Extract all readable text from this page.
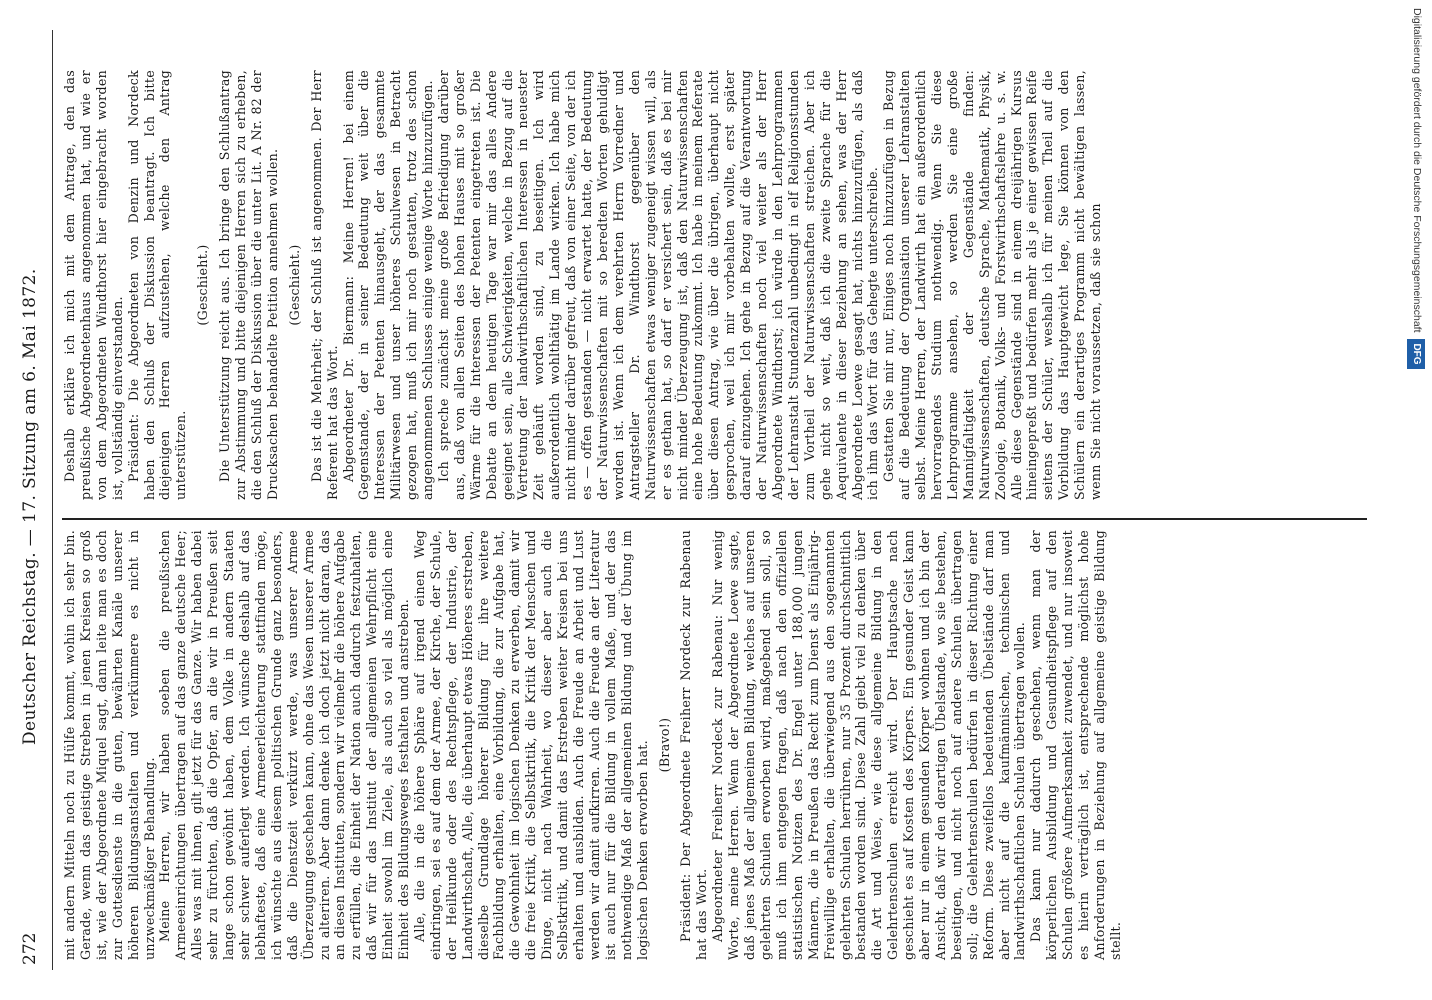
272
Deutscher Reichstag. — 17. Sitzung am 6. Mai 1872. mit andern Mitteln noch zu Hülfe kommt, wohin ich sehr bin. Gerade, wenn das geistige Streben in jenen Kreisen so groß ist, wie der Abgeordnete Miquel sagt, dann leite man es doch zur Gottesdienste in die guten, bewährten Kanäle unserer höheren Bildungsanstalten und verkümmere es nicht in unzweckmäßiger Behandlung. Meine Herren, wir haben soeben die preußischen Armeeeinrichtungen übertragen auf das ganze deutsche Heer; Alles was mit ihnen, gilt jetzt für das Ganze. Wir haben dabei sehr zu fürchten, daß die Opfer, an die wir in Preußen seit lange schon gewöhnt haben, dem Volke in andern Staaten sehr schwer auferlegt werden. Ich wünsche deshalb auf das lebhafteste, daß eine Armeeerleichterung stattfinden möge, ich wünschte aus diesem politischen Grunde ganz besonders, daß die Dienstzeit verkürzt werde, was unserer Armee Überzeugung geschehen kann, ohne das Wesen unserer Armee zu alteriren. Aber dann denke ich doch jetzt nicht daran, das an diesen Instituten, sondern wir vielmehr die höhere Aufgabe zu erfüllen, die Einheit der Nation auch dadurch festzuhalten, daß wir für das Institut der allgemeinen Wehrpflicht eine Einheit sowohl im Ziele, als auch so viel als möglich eine Einheit des Bildungsweges festhalten und anstreben. Alle, die in die höhere Sphäre auf irgend einen Weg eindringen, sei es auf dem der Armee, der Kirche, der Schule, der Heilkunde oder des Rechtspflege, der Industrie, der Landwirthschaft, Alle, die überhaupt etwas Höheres erstreben, dieselbe Grundlage höherer Bildung für ihre weitere Fachbildung erhalten, eine Vorbildung, die zur Aufgabe hat, die Gewohnheit im logischen Denken zu erwerben, damit wir die freie Kritik, die Selbstkritik, die Kritik der Menschen und Dinge, nicht nach Wahrheit, wo dieser aber auch die Selbstkritik, und damit das Erstreben weiter Kreisen bei uns erhalten und ausbilden. Auch die Freude an Arbeit und Lust werden wir damit aufkirren. Auch die Freude an der Literatur ist auch nur für die Bildung in vollem Maße, und der das nothwendige Maß der allgemeinen Bildung und der Übung im logischen Denken erworben hat. (Bravo!) Präsident: Der Abgeordnete Freiherr Nordeck zur Rabenau hat das Wort. Abgeordneter Freiherr Nordeck zur Rabenau: Nur wenig Worte, meine Herren. Wenn der Abgeordnete Loewe sagte, daß jenes Maß der allgemeinen Bildung, welches auf unseren gelehrten Schulen erworben wird, maßgebend sein soll, so muß ich ihm entgegen fragen, daß nach den offiziellen statistischen Notizen des Dr. Engel unter 188,000 jungen Männern, die in Preußen das Recht zum Dienst als Einjährig-Freiwillige erhalten, die überwiegend aus den sogenannten gelehrten Schulen herrühren, nur 35 Prozent durchschnittlich bestanden worden sind. Diese Zahl giebt viel zu denken über die Art und Weise, wie diese allgemeine Bildung in den Gelehrtenschulen erreicht wird. Der Hauptsache nach geschieht es auf Kosten des Körpers. Ein gesunder Geist kann aber nur in einem gesunden Körper wohnen und ich bin der Ansicht, daß wir den derartigen Übelstande, wo sie bestehen, beseitigen, und nicht noch auf andere Schulen übertragen soll; die Gelehrtenschulen bedürfen in dieser Richtung einer Reform. Diese zweifellos bedeutenden Übelstände darf man aber nicht auf die kaufmännischen, technischen und landwirthschaftlichen Schulen übertragen wollen. Das kann nur dadurch geschehen, wenn man der körperlichen Ausbildung und Gesundheitspflege auf den Schulen größere Aufmerksamkeit zuwendet, und nur insoweit es hierin verträglich ist, entsprechende möglichst hohe Anforderungen in Beziehung auf allgemeine geistige Bildung stellt.

Deshalb erkläre ich mich mit dem Antrage, den das preußische Abgeordnetenhaus angenommen hat, und wie er von dem Abgeordneten Windthorst hier eingebracht worden ist, vollständig einverstanden. Präsident: Die Abgeordneten von Denzin und Nordeck haben den Schluß der Diskussion beantragt. Ich bitte diejenigen Herren aufzustehen, welche den Antrag unterstützen.

(Geschieht.) Die Unterstützung reicht aus. Ich bringe den Schlußantrag zur Abstimmung und bitte diejenigen Herren sich zu erheben, die den Schluß der Diskussion über die unter Lit. A Nr. 82 der Drucksachen behandelte Petition annehmen wollen. (Geschieht.) Das ist die Mehrheit; der Schluß ist angenommen. Der Herr Referent hat das Wort. Abgeordneter Dr. Biermann: Meine Herren! bei einem Gegenstande, der in seiner Bedeutung weit über die Interessen der Petenten hinausgeht, der das gesammte Militärwesen und unser höheres Schulwesen in Betracht gezogen hat, muß ich mir noch gestatten, trotz des schon angenommenen Schlusses einige wenige Worte hinzuzufügen. Ich spreche zunächst meine große Befriedigung darüber aus, daß von allen Seiten des hohen Hauses mit so großer Wärme für die Interessen der Petenten eingetreten ist. Die Debatte an dem heutigen Tage war mir das alles Andere geeignet sein, alle Schwierigkeiten, welche in Bezug auf die Vertretung der landwirthschaftlichen Interessen in neuester Zeit gehäuft worden sind, zu beseitigen. Ich wird außerordentlich wohlthätig im Lande wirken. Ich habe mich nicht minder darüber gefreut, daß von einer Seite, von der ich es — offen gestanden — nicht erwartet hatte, der Bedeutung der Naturwissenschaften mit so beredten Worten gehuldigt worden ist. Wenn ich dem verehrten Herrn Vorredner und Antragsteller Dr. Windthorst gegenüber den Naturwissenschaften etwas weniger zugeneigt wissen will, als er es gethan hat, so darf er versichert sein, daß es bei mir nicht minder Überzeugung ist, daß den Naturwissenschaften eine hohe Bedeutung zukommt. Ich habe in meinem Referate über diesen Antrag, wie über die übrigen, überhaupt nicht gesprochen, weil ich mir vorbehalten wollte, erst später darauf einzugehen. Ich gehe in Bezug auf die Verantwortung der Naturwissenschaften noch viel weiter als der Herr Abgeordnete Windthorst; ich würde in den Lehrprogrammen der Lehranstalt Stundenzahl unbedingt in elf Religionsstunden zum Vortheil der Naturwissenschaften streichen. Aber ich gehe nicht so weit, daß ich die zweite Sprache für die Aequivalente in dieser Beziehung an sehen, was der Herr Abgeordnete Loewe gesagt hat, nichts hinzuzufügen, als daß ich ihm das Wort für das Gehegte unterschreibe. Gestatten Sie mir nur, Einiges noch hinzuzufügen in Bezug auf die Bedeutung der Organisation unserer Lehranstalten selbst. Meine Herren, der Landwirth hat ein außerordentlich hervorragendes Studium nothwendig. Wenn Sie diese Lehrprogramme ansehen, so werden Sie eine große Mannigfaltigkeit der Gegenstände finden: Naturwissenschaften, deutsche Sprache, Mathematik, Physik, Zoologie, Botanik, Volks- und Forstwirthschaftslehre u. s. w. Alle diese Gegenstände sind in einem dreijährigen Kursus hineingepreßt und bedürfen mehr als je einer gewissen Reife seitens der Schüler, weshalb ich für meinen Theil auf die Vorbildung das Hauptgewicht lege, Sie können von den Schülern ein derartiges Programm nicht bewältigen lassen, wenn Sie nicht voraussetzen, daß sie schon

Digitalisierung gefördert durch die Deutsche Forschungsgemeinschaft DFG
